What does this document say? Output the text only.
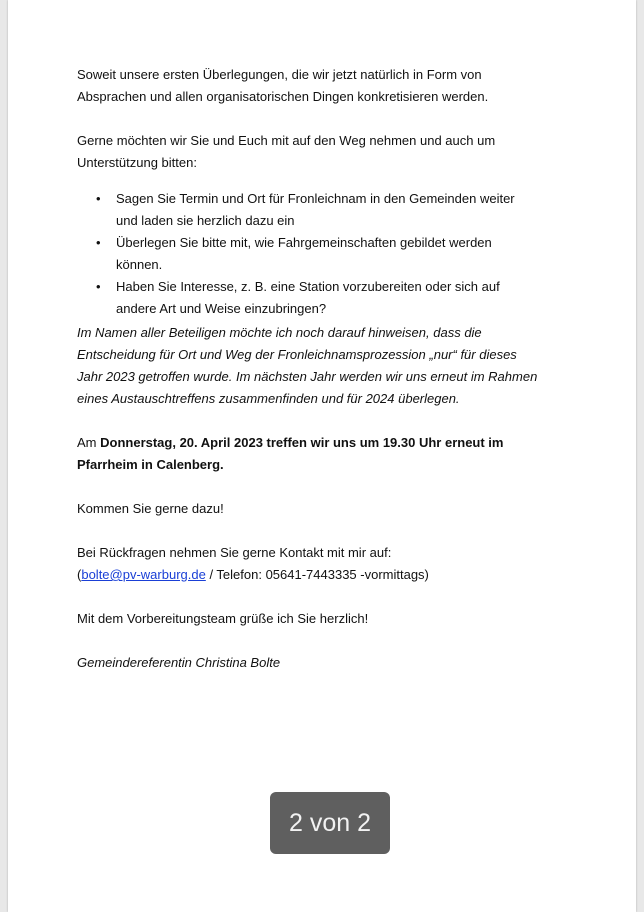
Soweit unsere ersten Überlegungen, die wir jetzt natürlich in Form von Absprachen und allen organisatorischen Dingen konkretisieren werden.

Gerne möchten wir Sie und Euch mit auf den Weg nehmen und auch um Unterstützung bitten:

• Sagen Sie Termin und Ort für Fronleichnam in den Gemeinden weiter und laden sie herzlich dazu ein
• Überlegen Sie bitte mit, wie Fahrgemeinschaften gebildet werden können.
• Haben Sie Interesse, z. B. eine Station vorzubereiten oder sich auf andere Art und Weise einzubringen?

Im Namen aller Beteiligen möchte ich noch darauf hinweisen, dass die Entscheidung für Ort und Weg der Fronleichnamsprozession „nur“ für dieses Jahr 2023 getroffen wurde. Im nächsten Jahr werden wir uns erneut im Rahmen eines Austauschtreffens zusammenfinden und für 2024 überlegen.

Am Donnerstag, 20. April 2023 treffen wir uns um 19.30 Uhr erneut im Pfarrheim in Calenberg.

Kommen Sie gerne dazu!

Bei Rückfragen nehmen Sie gerne Kontakt mit mir auf:
(bolte@pv-warburg.de / Telefon: 05641-7443335 -vormittags)

Mit dem Vorbereitungsteam grüße ich Sie herzlich!

Gemeindereferentin Christina Bolte

2 von 2
